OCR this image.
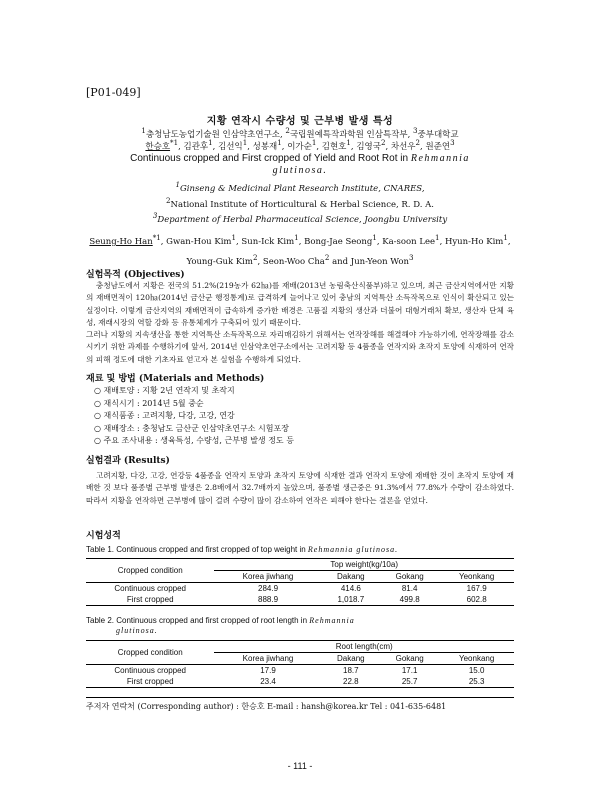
[P01-049]
지황 연작시 수량성 및 근부병 발생 특성
$^1$충청남도농업기술원 인삼약초연구소, $^2$국립원예특작과학원 인삼특작부, $^3$중부대학교
한승호$^{*1}$, 김관후$^1$, 김선익$^1$, 성봉재$^1$, 이가순$^1$, 김현호$^1$, 김영국$^2$, 차선우$^2$, 원준연$^3$
Continuous cropped and First cropped of Yield and Root Rot in Rehmannia
glutinosa.
$^1$Ginseng & Medicinal Plant Research Institute, CNARES,
$^2$National Institute of Horticultural & Herbal Science, R. D. A.
$^3$Department of Herbal Pharmaceutical Science, Joongbu University
Seung-Ho Han$^{*1}$, Gwan-Hou Kim$^1$, Sun-Ick Kim$^1$, Bong-Jae Seong$^1$, Ka-soon Lee$^1$, Hyun-Ho Kim$^1$,
Young-Guk Kim$^2$, Seon-Woo Cha$^2$ and Jun-Yeon Won$^3$
실험목적 (Objectives)
충청남도에서 지황은 전국의 51.2%(219농가 62㏊)를 재배(2013년 농림축산식품부)하고 있으며, 최근 금산지역에서만 지황의 재배면적이 120㏊(2014년 금산군 행정통계)로 급격하게 늘어나고 있어 충남의 지역특산 소득작목으로 인식이 확산되고 있는 실정이다. 이렇게 금산지역의 재배면적이 급속하게 증가한 배경은 고품질 지황의 생산과 더불어 대형거래처 확보, 생산자 단체 육성, 재래시장의 역할 강화 등 유통체계가 구축되어 있기 때문이다.
그러나 지황의 지속생산을 통한 지역특산 소득작목으로 자리매김하기 위해서는 연작장해를 해결해야 가능하기에, 연작장해를 감소시키기 위한 과제를 수행하기에 앞서, 2014년 인삼약초연구소에서는 고려지황 등 4품종을 연작지와 초작지 토양에 식재하여 연작의 피해 정도에 대한 기초자료 얻고자 본 실험을 수행하게 되었다.
재료 및 방법 (Materials and Methods)
○ 재배토양 : 지황 2년 연작지 및 초작지
○ 재식시기 : 2014년 5월 중순
○ 재식품종 : 고려지황, 다강, 고강, 연강
○ 재배장소 : 충청남도 금산군 인삼약초연구소 시험포장
○ 주요 조사내용 : 생육특성, 수량성, 근부병 발생 정도 등
실험결과 (Results)
고려지황, 다강, 고강, 연강등 4품종을 연작지 토양과 초작지 토양에 식재한 결과 연작지 토양에 재배한 것이 초작지 토양에 재배한 것 보다 품종별 근부병 발생은 2.8배에서 32.7배까지 높았으며, 품종별 생근중은 91.3%에서 77.8%가 수량이 감소하였다. 따라서 지황을 연작하면 근부병에 많이 걸려 수량이 많이 감소하여 연작은 피해야 한다는 결론을 얻었다.
시험성적
Table 1. Continuous cropped and first cropped of top weight in Rehmannia glutinosa.
Cropped condition	Top weight(kg/10a)			
	Korea jiwhang	Dakang	Gokang	Yeonkang
Continuous cropped	284.9	414.6	81.4	167.9
First cropped	888.9	1,018.7	499.8	602.8
Table 2. Continuous cropped and first cropped of root length in Rehmannia
glutinosa.
Cropped condition	Root length(cm)			
	Korea jiwhang	Dakang	Gokang	Yeonkang
Continuous cropped	17.9	18.7	17.1	15.0
First cropped	23.4	22.8	25.7	25.3
주저자 연락처 (Corresponding author) : 한승호 E-mail : hansh@korea.kr Tel : 041-635-6481
- 111 -
